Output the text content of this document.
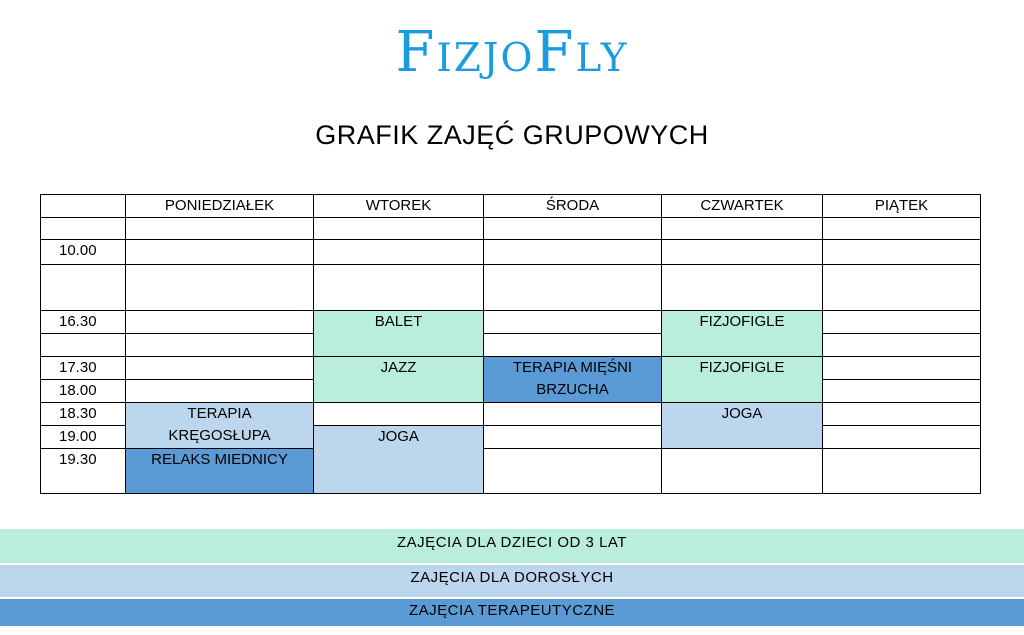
FizjoFly
GRAFIK ZAJĘĆ GRUPOWYCH
	PONIEDZIAŁEK	WTOREK	ŚRODA	CZWARTEK	PIĄTEK

10.00					

16.30		BALET		FIZJOFIGLE	

17.30		JAZZ	TERAPIA MIĘŚNI BRZUCHA	FIZJOFIGLE	
18.00					
18.30	TERAPIA KRĘGOSŁUPA			JOGA	
19.00		JOGA			
19.30	RELAKS MIEDNICY				
ZAJĘCIA DLA DZIECI OD 3 LAT
ZAJĘCIA DLA DOROSŁYCH
ZAJĘCIA TERAPEUTYCZNE
